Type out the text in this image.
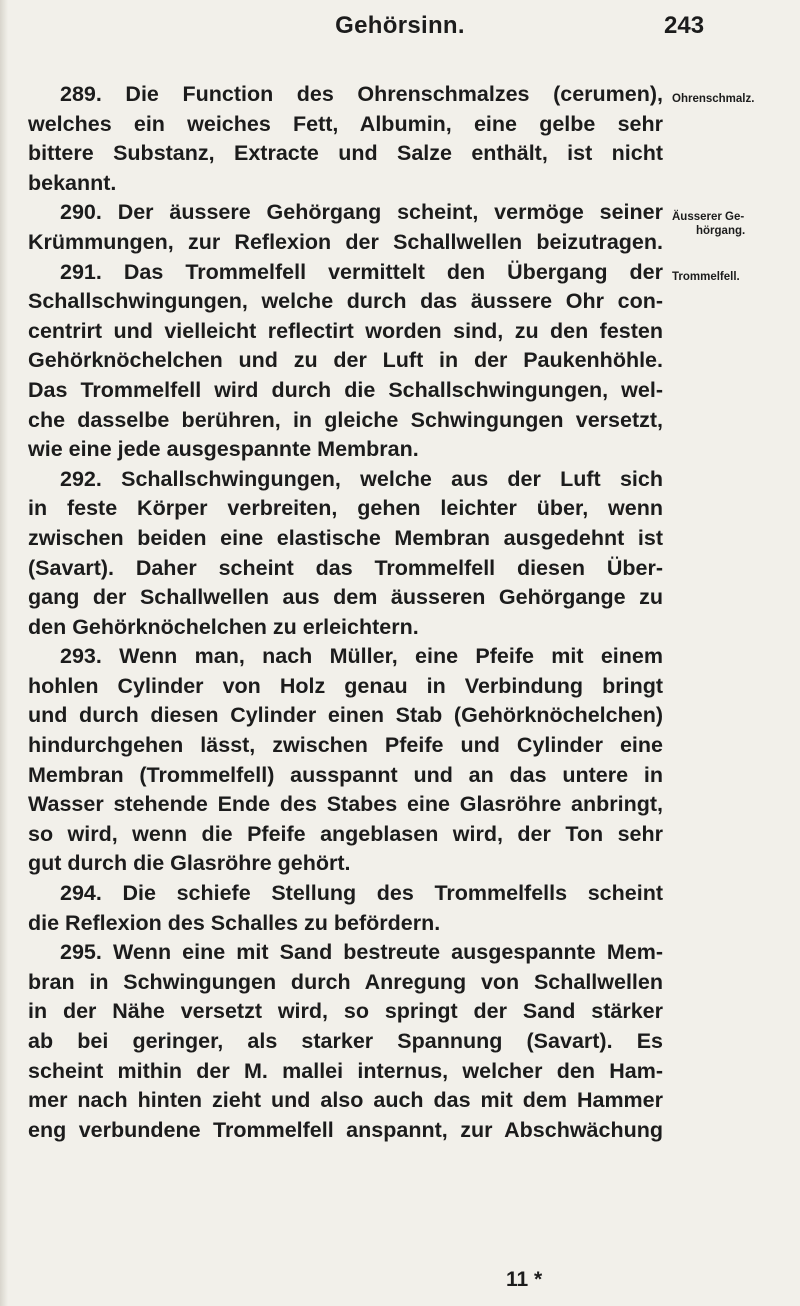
Gehörsinn.	243
Ohrenschmalz.
Äusserer Ge-
hörgang.
Trommelfell.
289. Die Function des Ohrenschmalzes (cerumen),
welches ein weiches Fett, Albumin, eine gelbe sehr
bittere Substanz, Extracte und Salze enthält, ist nicht
bekannt.
290. Der äussere Gehörgang scheint, vermöge seiner
Krümmungen, zur Reflexion der Schallwellen beizutragen.
291. Das Trommelfell vermittelt den Übergang der
Schallschwingungen, welche durch das äussere Ohr con-
centrirt und vielleicht reflectirt worden sind, zu den festen
Gehörknöchelchen und zu der Luft in der Paukenhöhle.
Das Trommelfell wird durch die Schallschwingungen, wel-
che dasselbe berühren, in gleiche Schwingungen versetzt,
wie eine jede ausgespannte Membran.
292. Schallschwingungen, welche aus der Luft sich
in feste Körper verbreiten, gehen leichter über, wenn
zwischen beiden eine elastische Membran ausgedehnt ist
(Savart). Daher scheint das Trommelfell diesen Über-
gang der Schallwellen aus dem äusseren Gehörgange zu
den Gehörknöchelchen zu erleichtern.
293. Wenn man, nach Müller, eine Pfeife mit einem
hohlen Cylinder von Holz genau in Verbindung bringt
und durch diesen Cylinder einen Stab (Gehörknöchelchen)
hindurchgehen lässt, zwischen Pfeife und Cylinder eine
Membran (Trommelfell) ausspannt und an das untere in
Wasser stehende Ende des Stabes eine Glasröhre anbringt,
so wird, wenn die Pfeife angeblasen wird, der Ton sehr
gut durch die Glasröhre gehört.
294. Die schiefe Stellung des Trommelfells scheint
die Reflexion des Schalles zu befördern.
295. Wenn eine mit Sand bestreute ausgespannte Mem-
bran in Schwingungen durch Anregung von Schallwellen
in der Nähe versetzt wird, so springt der Sand stärker
ab bei geringer, als starker Spannung (Savart). Es
scheint mithin der M. mallei internus, welcher den Ham-
mer nach hinten zieht und also auch das mit dem Hammer
eng verbundene Trommelfell anspannt, zur Abschwächung
11 *
